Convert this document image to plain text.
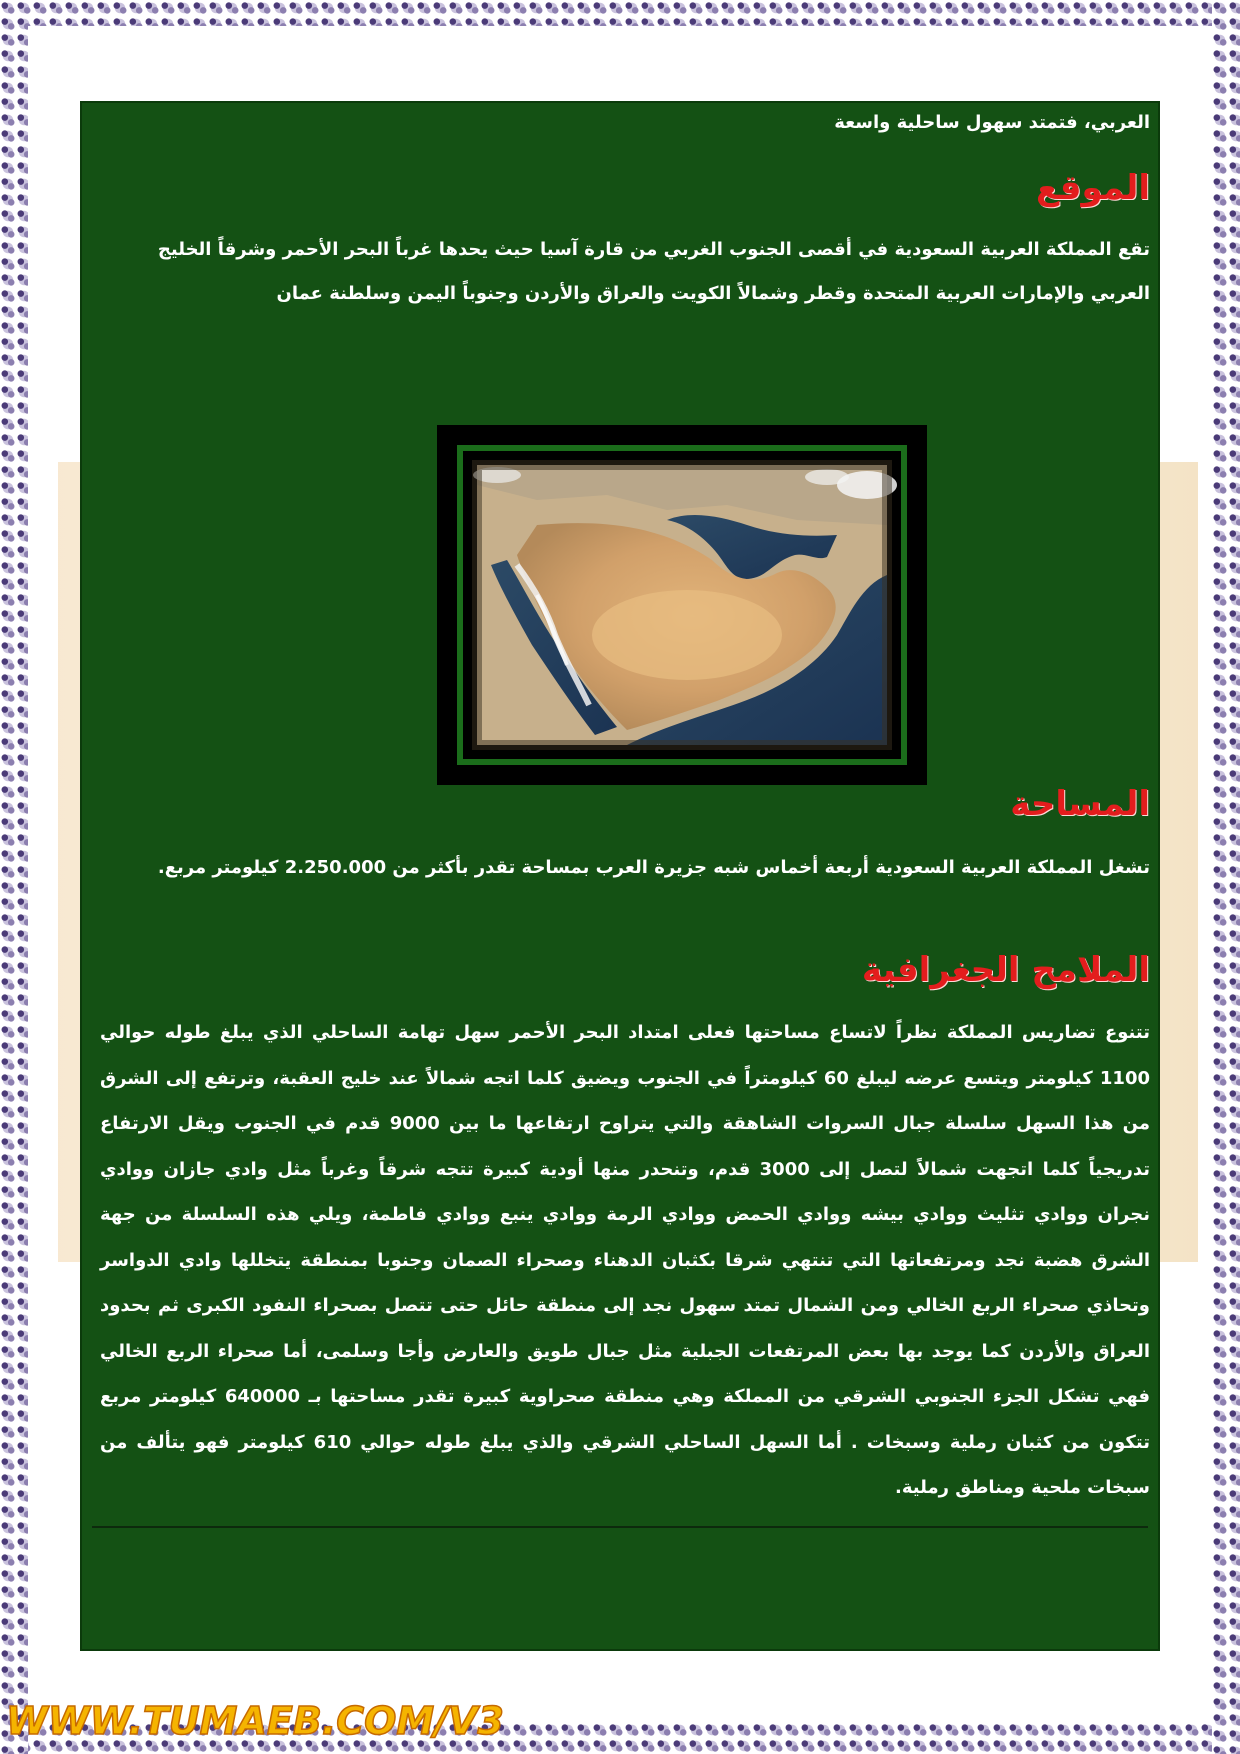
العربي، فتمتد سهول ساحلية واسعة
الموقع
تقع المملكة العربية السعودية في أقصى الجنوب الغربي من قارة آسيا حيث يحدها غرباً البحر الأحمر وشرقاً الخليج العربي والإمارات العربية المتحدة وقطر وشمالاً الكويت والعراق والأردن وجنوباً اليمن وسلطنة عمان
المساحة
تشغل المملكة العربية السعودية أربعة أخماس شبه جزيرة العرب بمساحة تقدر بأكثر من 2.250.000 كيلومتر مربع.
الملامح الجغرافية
تتنوع تضاريس المملكة نظراً لاتساع مساحتها فعلى امتداد البحر الأحمر سهل تهامة الساحلي الذي يبلغ طوله حوالي 1100 كيلومتر ويتسع عرضه ليبلغ 60 كيلومتراً في الجنوب ويضيق كلما اتجه شمالاً عند خليج العقبة، وترتفع إلى الشرق من هذا السهل سلسلة جبال السروات الشاهقة والتي يتراوح ارتفاعها ما بين 9000 قدم في الجنوب ويقل الارتفاع تدريجياً كلما اتجهت شمالاً لتصل إلى 3000 قدم، وتنحدر منها أودية كبيرة تتجه شرقاً وغرباً مثل وادي جازان ووادي نجران ووادي تثليث ووادي بيشه ووادي الحمض ووادي الرمة ووادي ينبع ووادي فاطمة، ويلي هذه السلسلة من جهة الشرق هضبة نجد ومرتفعاتها التي تنتهي شرقا بكثبان الدهناء وصحراء الصمان وجنوبا بمنطقة يتخللها وادي الدواسر وتحاذي صحراء الربع الخالي ومن الشمال تمتد سهول نجد إلى منطقة حائل حتى تتصل بصحراء النفود الكبرى ثم بحدود العراق والأردن كما يوجد بها بعض المرتفعات الجبلية مثل جبال طويق والعارض وأجا وسلمى، أما صحراء الربع الخالي فهي تشكل الجزء الجنوبي الشرقي من المملكة وهي منطقة صحراوية كبيرة تقدر مساحتها بـ 640000 كيلومتر مربع تتكون من كثبان رملية وسبخات . أما السهل الساحلي الشرقي والذي يبلغ طوله حوالي 610 كيلومتر فهو يتألف من سبخات ملحية ومناطق رملية.
WWW.TUMAEB.COM/V3
